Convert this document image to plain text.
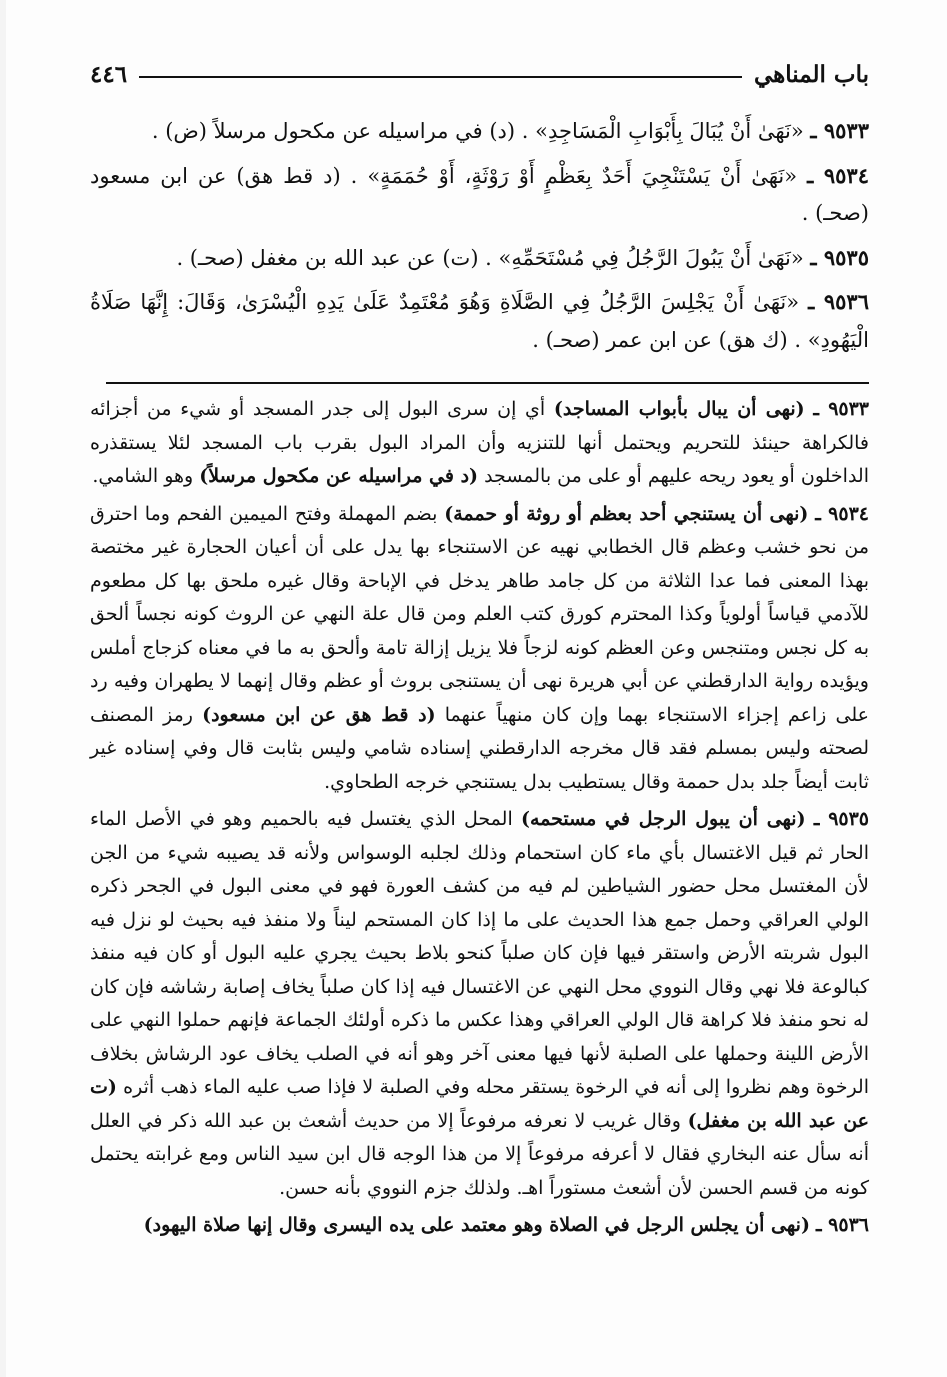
باب المناهي
٤٤٦

٩٥٣٣ ـ «نَهَىٰ أَنْ يُبَالَ بِأَبْوَابِ الْمَسَاجِدِ» . (د) في مراسيله عن مكحول مرسلاً (ض) .

٩٥٣٤ ـ «نَهَىٰ أَنْ يَسْتَنْجِيَ أَحَدٌ بِعَظْمٍ أَوْ رَوْثَةٍ، أَوْ حُمَمَةٍ» . (د قط هق) عن ابن مسعود (صحـ) .

٩٥٣٥ ـ «نَهَىٰ أَنْ يَبُولَ الرَّجُلُ فِي مُسْتَحَمِّهِ» . (ت) عن عبد الله بن مغفل (صحـ) .

٩٥٣٦ ـ «نَهَىٰ أَنْ يَجْلِسَ الرَّجُلُ فِي الصَّلَاةِ وَهُوَ مُعْتَمِدٌ عَلَىٰ يَدِهِ الْيُسْرَىٰ، وَقَالَ: إِنَّهَا صَلَاةُ الْيَهُودِ» . (ك هق) عن ابن عمر (صحـ) .

٩٥٣٣ ـ (نهى أن يبال بأبواب المساجد) أي إن سرى البول إلى جدر المسجد أو شيء من أجزائه فالكراهة حينئذ للتحريم ويحتمل أنها للتنزيه وأن المراد البول بقرب باب المسجد لئلا يستقذره الداخلون أو يعود ريحه عليهم أو على من بالمسجد (د في مراسيله عن مكحول مرسلاً) وهو الشامي.

٩٥٣٤ ـ (نهى أن يستنجي أحد بعظم أو روثة أو حممة) بضم المهملة وفتح الميمين الفحم وما احترق من نحو خشب وعظم قال الخطابي نهيه عن الاستنجاء بها يدل على أن أعيان الحجارة غير مختصة بهذا المعنى فما عدا الثلاثة من كل جامد طاهر يدخل في الإباحة وقال غيره ملحق بها كل مطعوم للآدمي قياساً أولوياً وكذا المحترم كورق كتب العلم ومن قال علة النهي عن الروث كونه نجساً ألحق به كل نجس ومتنجس وعن العظم كونه لزجاً فلا يزيل إزالة تامة وألحق به ما في معناه كزجاج أملس ويؤيده رواية الدارقطني عن أبي هريرة نهى أن يستنجى بروث أو عظم وقال إنهما لا يطهران وفيه رد على زاعم إجزاء الاستنجاء بهما وإن كان منهياً عنهما (د قط هق عن ابن مسعود) رمز المصنف لصحته وليس بمسلم فقد قال مخرجه الدارقطني إسناده شامي وليس بثابت قال وفي إسناده غير ثابت أيضاً جلد بدل حممة وقال يستطيب بدل يستنجي خرجه الطحاوي.

٩٥٣٥ ـ (نهى أن يبول الرجل في مستحمه) المحل الذي يغتسل فيه بالحميم وهو في الأصل الماء الحار ثم قيل الاغتسال بأي ماء كان استحمام وذلك لجلبه الوسواس ولأنه قد يصيبه شيء من الجن لأن المغتسل محل حضور الشياطين لم فيه من كشف العورة فهو في معنى البول في الجحر ذكره الولي العراقي وحمل جمع هذا الحديث على ما إذا كان المستحم ليناً ولا منفذ فيه بحيث لو نزل فيه البول شربته الأرض واستقر فيها فإن كان صلباً كنحو بلاط بحيث يجري عليه البول أو كان فيه منفذ كبالوعة فلا نهي وقال النووي محل النهي عن الاغتسال فيه إذا كان صلباً يخاف إصابة رشاشه فإن كان له نحو منفذ فلا كراهة قال الولي العراقي وهذا عكس ما ذكره أولئك الجماعة فإنهم حملوا النهي على الأرض اللينة وحملها على الصلبة لأنها فيها معنى آخر وهو أنه في الصلب يخاف عود الرشاش بخلاف الرخوة وهم نظروا إلى أنه في الرخوة يستقر محله وفي الصلبة لا فإذا صب عليه الماء ذهب أثره (ت عن عبد الله بن مغفل) وقال غريب لا نعرفه مرفوعاً إلا من حديث أشعث بن عبد الله ذكر في العلل أنه سأل عنه البخاري فقال لا أعرفه مرفوعاً إلا من هذا الوجه قال ابن سيد الناس ومع غرابته يحتمل كونه من قسم الحسن لأن أشعث مستوراً اهـ. ولذلك جزم النووي بأنه حسن.

٩٥٣٦ ـ (نهى أن يجلس الرجل في الصلاة وهو معتمد على يده اليسرى وقال إنها صلاة اليهود)
